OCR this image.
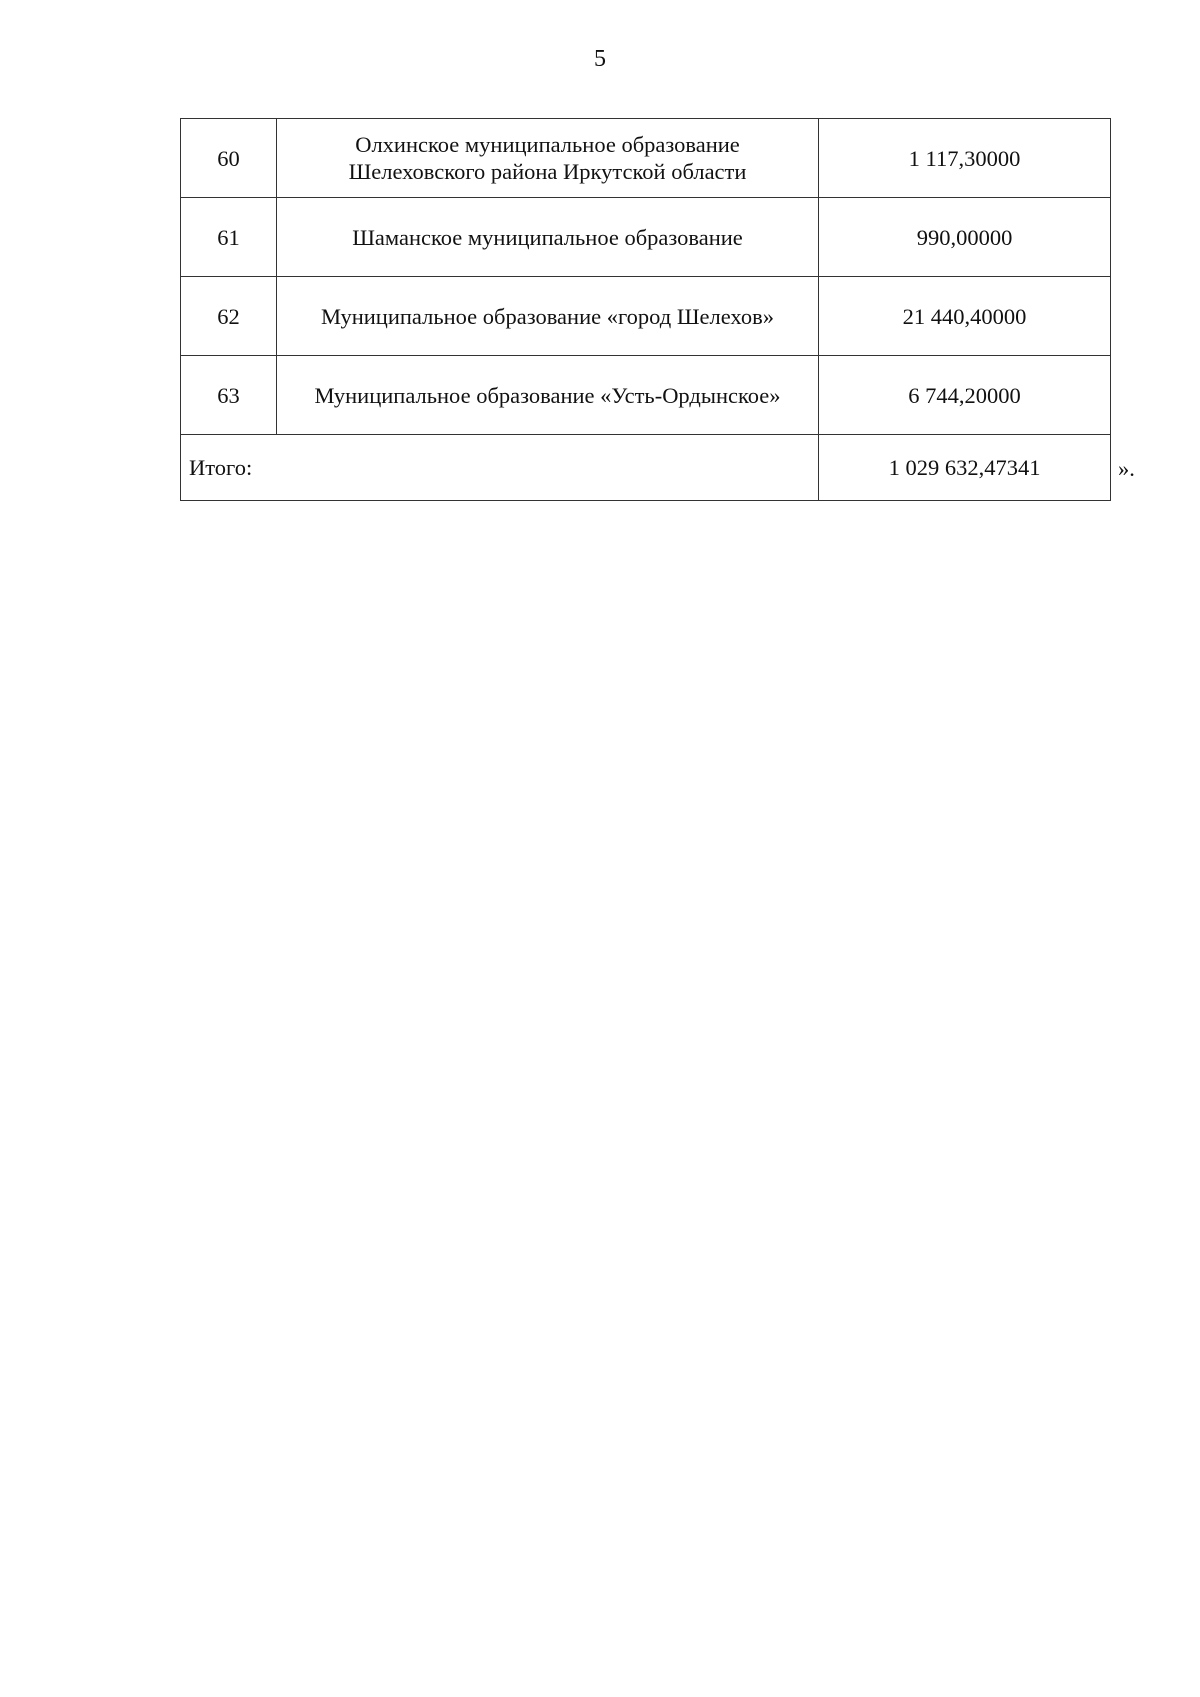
5
60	Олхинское муниципальное образование
Шелеховского района Иркутской области	1 117,30000
61	Шаманское муниципальное образование	990,00000
62	Муниципальное образование «город Шелехов»	21 440,40000
63	Муниципальное образование «Усть-Ордынское»	6 744,20000
Итого:		1 029 632,47341	».
